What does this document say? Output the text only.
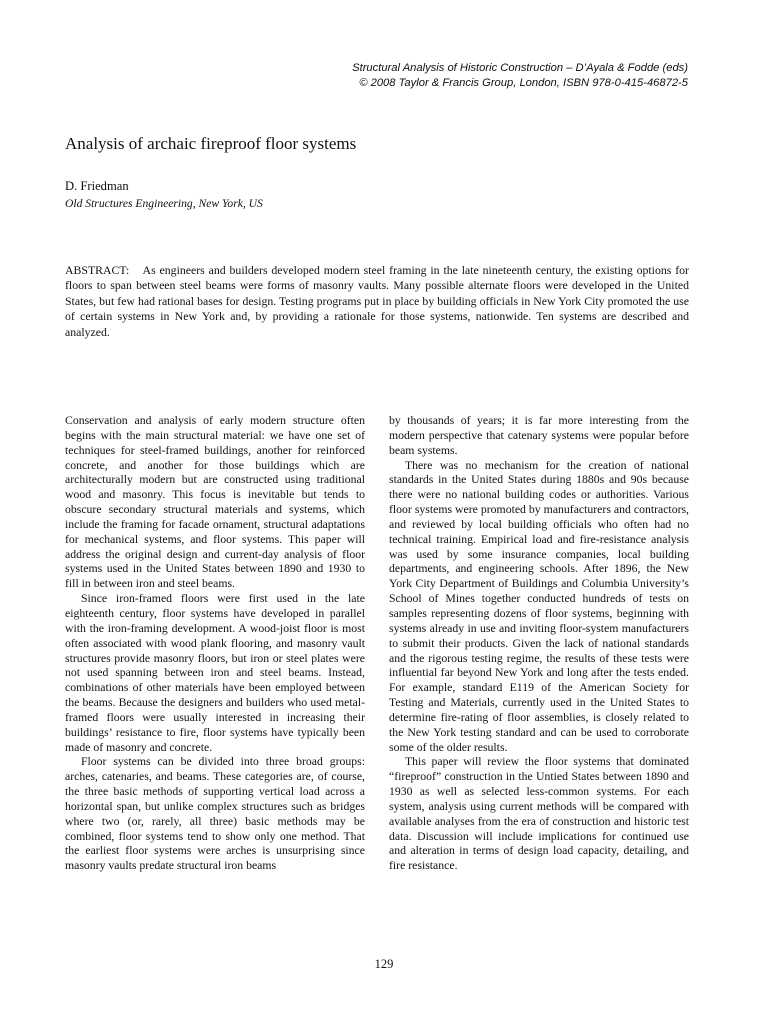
Structural Analysis of Historic Construction – D’Ayala & Fodde (eds)
© 2008 Taylor & Francis Group, London, ISBN 978-0-415-46872-5
Analysis of archaic fireproof floor systems
D. Friedman
Old Structures Engineering, New York, US
ABSTRACT: As engineers and builders developed modern steel framing in the late nineteenth century, the existing options for floors to span between steel beams were forms of masonry vaults. Many possible alternate floors were developed in the United States, but few had rational bases for design. Testing programs put in place by building officials in New York City promoted the use of certain systems in New York and, by providing a rationale for those systems, nationwide. Ten systems are described and analyzed.

Conservation and analysis of early modern structure often begins with the main structural material: we have one set of techniques for steel-framed buildings, another for reinforced concrete, and another for those buildings which are architecturally modern but are constructed using traditional wood and masonry. This focus is inevitable but tends to obscure secondary structural materials and systems, which include the framing for facade ornament, structural adaptations for mechanical systems, and floor systems. This paper will address the original design and current-day analysis of floor systems used in the United States between 1890 and 1930 to fill in between iron and steel beams.

Since iron-framed floors were first used in the late eighteenth century, floor systems have developed in parallel with the iron-framing development. A wood-joist floor is most often associated with wood plank flooring, and masonry vault structures provide masonry floors, but iron or steel plates were not used spanning between iron and steel beams. Instead, combinations of other materials have been employed between the beams. Because the designers and builders who used metal-framed floors were usually interested in increasing their buildings’ resistance to fire, floor systems have typically been made of masonry and concrete.

Floor systems can be divided into three broad groups: arches, catenaries, and beams. These categories are, of course, the three basic methods of supporting vertical load across a horizontal span, but unlike complex structures such as bridges where two (or, rarely, all three) basic methods may be combined, floor systems tend to show only one method. That the earliest floor systems were arches is unsurprising since masonry vaults predate structural iron beams

by thousands of years; it is far more interesting from the modern perspective that catenary systems were popular before beam systems.

There was no mechanism for the creation of national standards in the United States during 1880s and 90s because there were no national building codes or authorities. Various floor systems were promoted by manufacturers and contractors, and reviewed by local building officials who often had no technical training. Empirical load and fire-resistance analysis was used by some insurance companies, local building departments, and engineering schools. After 1896, the New York City Department of Buildings and Columbia University’s School of Mines together conducted hundreds of tests on samples representing dozens of floor systems, beginning with systems already in use and inviting floor-system manufacturers to submit their products. Given the lack of national standards and the rigorous testing regime, the results of these tests were influential far beyond New York and long after the tests ended. For example, standard E119 of the American Society for Testing and Materials, currently used in the United States to determine fire-rating of floor assemblies, is closely related to the New York testing standard and can be used to corroborate some of the older results.

This paper will review the floor systems that dominated “fireproof” construction in the Untied States between 1890 and 1930 as well as selected less-common systems. For each system, analysis using current methods will be compared with available analyses from the era of construction and historic test data. Discussion will include implications for continued use and alteration in terms of design load capacity, detailing, and fire resistance.

129
